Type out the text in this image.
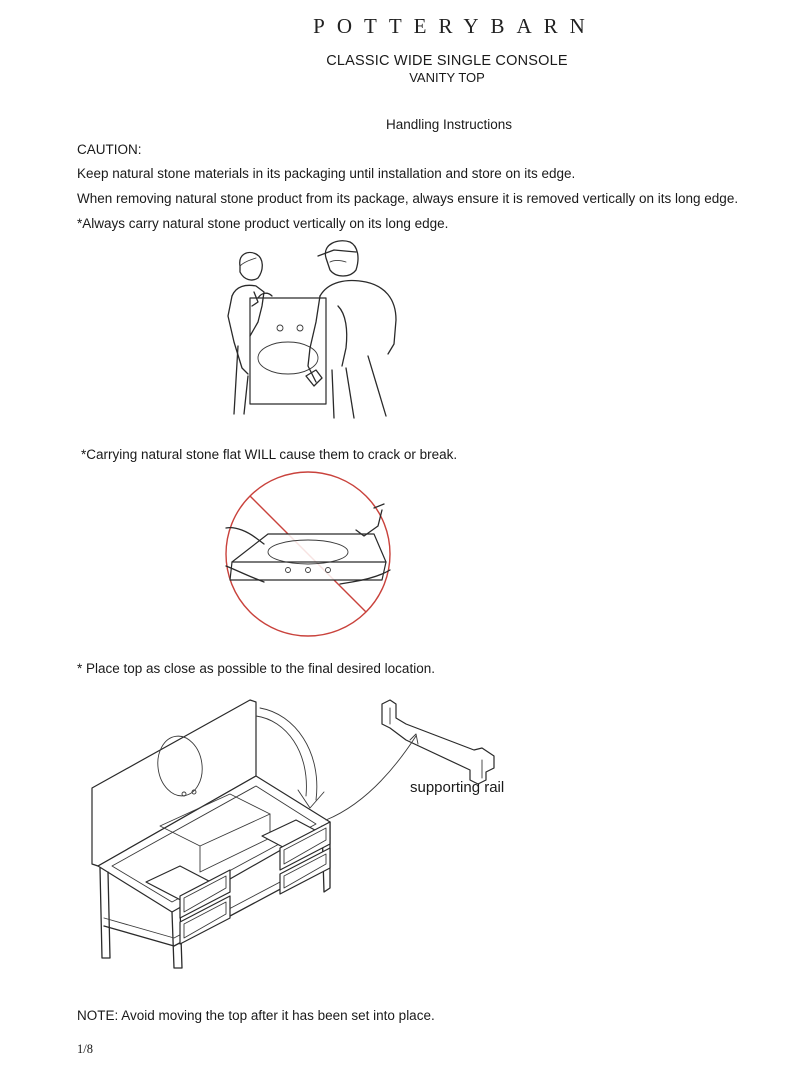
POTTERYBARN
CLASSIC WIDE SINGLE CONSOLE
VANITY TOP
Handling Instructions
CAUTION:
Keep natural stone materials in its packaging until installation and store on its edge.
When removing natural stone product from its package, always ensure it is removed vertically on its long edge.
*Always carry natural stone product vertically on its long edge.
*Carrying natural stone flat WILL cause them to crack or break.
* Place top as close as possible to the final desired location.
supporting rail
NOTE: Avoid moving the top after it has been set into place.
1/8
